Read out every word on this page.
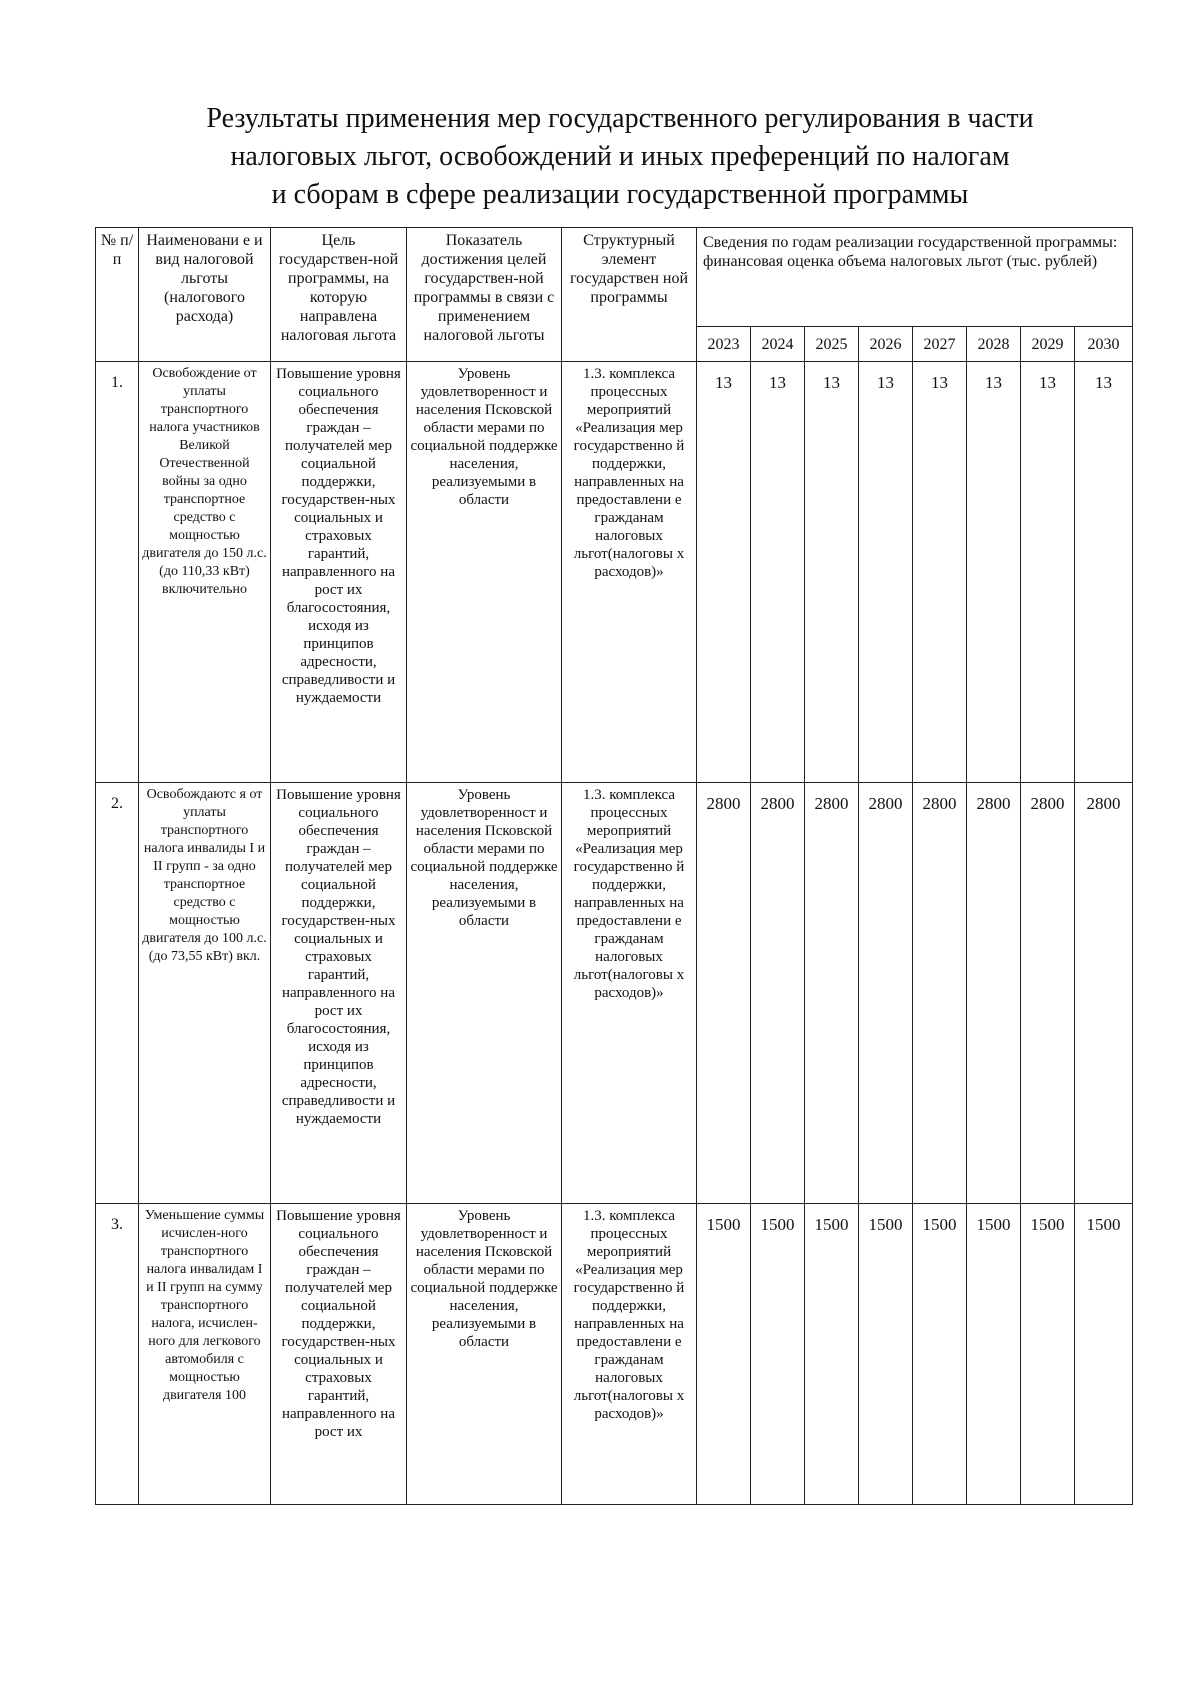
Результаты применения мер государственного регулирования в части
налоговых льгот, освобождений и иных преференций по налогам
и сборам в сфере реализации государственной программы
№ п/п	Наименовани е и вид налоговой льготы (налогового расхода)	Цель государствен-ной программы, на которую направлена налоговая льгота	Показатель достижения целей государствен-ной программы в связи с применением налоговой льготы	Структурный элемент государствен ной программы	Сведения по годам реализации государственной программы: финансовая оценка объема налоговых льгот (тыс. рублей)							
					2023	2024	2025	2026	2027	2028	2029	2030
1.	Освобождение от уплаты транспортного налога участников Великой Отечественной войны за одно транспортное средство с мощностью двигателя до 150 л.с. (до 110,33 кВт) включительно	Повышение уровня социального обеспечения граждан – получателей мер социальной поддержки, государствен-ных социальных и страховых гарантий, направленного на рост их благосостояния, исходя из принципов адресности, справедливости и нуждаемости	Уровень удовлетворенност и населения Псковской области мерами по социальной поддержке населения, реализуемыми в области	1.3. комплекса процессных мероприятий «Реализация мер государственно й поддержки, направленных на предоставлени е гражданам налоговых льгот(налоговы х расходов)»	13	13	13	13	13	13	13	13
2.	Освобождаютс я от уплаты транспортного налога инвалиды I и II групп - за одно транспортное средство с мощностью двигателя до 100 л.с. (до 73,55 кВт) вкл.	Повышение уровня социального обеспечения граждан – получателей мер социальной поддержки, государствен-ных социальных и страховых гарантий, направленного на рост их благосостояния, исходя из принципов адресности, справедливости и нуждаемости	Уровень удовлетворенност и населения Псковской области мерами по социальной поддержке населения, реализуемыми в области	1.3. комплекса процессных мероприятий «Реализация мер государственно й поддержки, направленных на предоставлени е гражданам налоговых льгот(налоговы х расходов)»	2800	2800	2800	2800	2800	2800	2800	2800
3.	Уменьшение суммы исчислен-ного транспортного налога инвалидам I и II групп на сумму транспортного налога, исчислен-ного для легкового автомобиля с мощностью двигателя 100	Повышение уровня социального обеспечения граждан – получателей мер социальной поддержки, государствен-ных социальных и страховых гарантий, направленного на рост их	Уровень удовлетворенност и населения Псковской области мерами по социальной поддержке населения, реализуемыми в области	1.3. комплекса процессных мероприятий «Реализация мер государственно й поддержки, направленных на предоставлени е гражданам налоговых льгот(налоговы х расходов)»	1500	1500	1500	1500	1500	1500	1500	1500
